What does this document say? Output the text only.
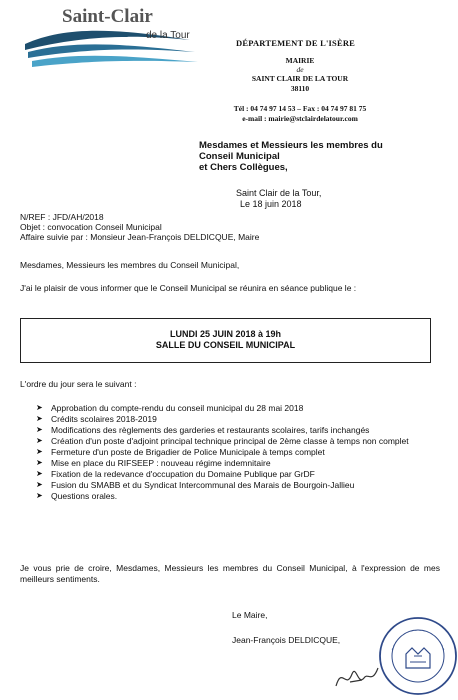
Saint-Clair
de la Tour
DÉPARTEMENT DE L'ISÈRE
MAIRIE
de
SAINT CLAIR DE LA TOUR
38110
Tél : 04 74 97 14 53 – Fax : 04 74 97 81 75
e-mail : mairie@stclairdelatour.com
Mesdames et Messieurs les membres du
Conseil Municipal
et Chers Collègues,
Saint Clair de la Tour,
Le 18 juin 2018
N/REF : JFD/AH/2018
Objet : convocation Conseil Municipal
Affaire suivie par : Monsieur Jean-François DELDICQUE, Maire
Mesdames, Messieurs les membres du Conseil Municipal,
J'ai le plaisir de vous informer que le Conseil Municipal se réunira en séance publique le :
LUNDI 25 JUIN 2018 à 19h
SALLE DU CONSEIL MUNICIPAL
L'ordre du jour sera le suivant :
➤ Approbation du compte-rendu du conseil municipal du 28 mai 2018
➤ Crédits scolaires 2018-2019
➤ Modifications des règlements des garderies et restaurants scolaires, tarifs inchangés
➤ Création d'un poste d'adjoint principal technique principal de 2ème classe à temps non complet
➤ Fermeture d'un poste de Brigadier de Police Municipale à temps complet
➤ Mise en place du RIFSEEP : nouveau régime indemnitaire
➤ Fixation de la redevance d'occupation du Domaine Publique par GrDF
➤ Fusion du SMABB et du Syndicat Intercommunal des Marais de Bourgoin-Jallieu
➤ Questions orales.
Je vous prie de croire, Mesdames, Messieurs les membres du Conseil Municipal, à l'expression de mes meilleurs sentiments.
Le Maire,
Jean-François DELDICQUE,
